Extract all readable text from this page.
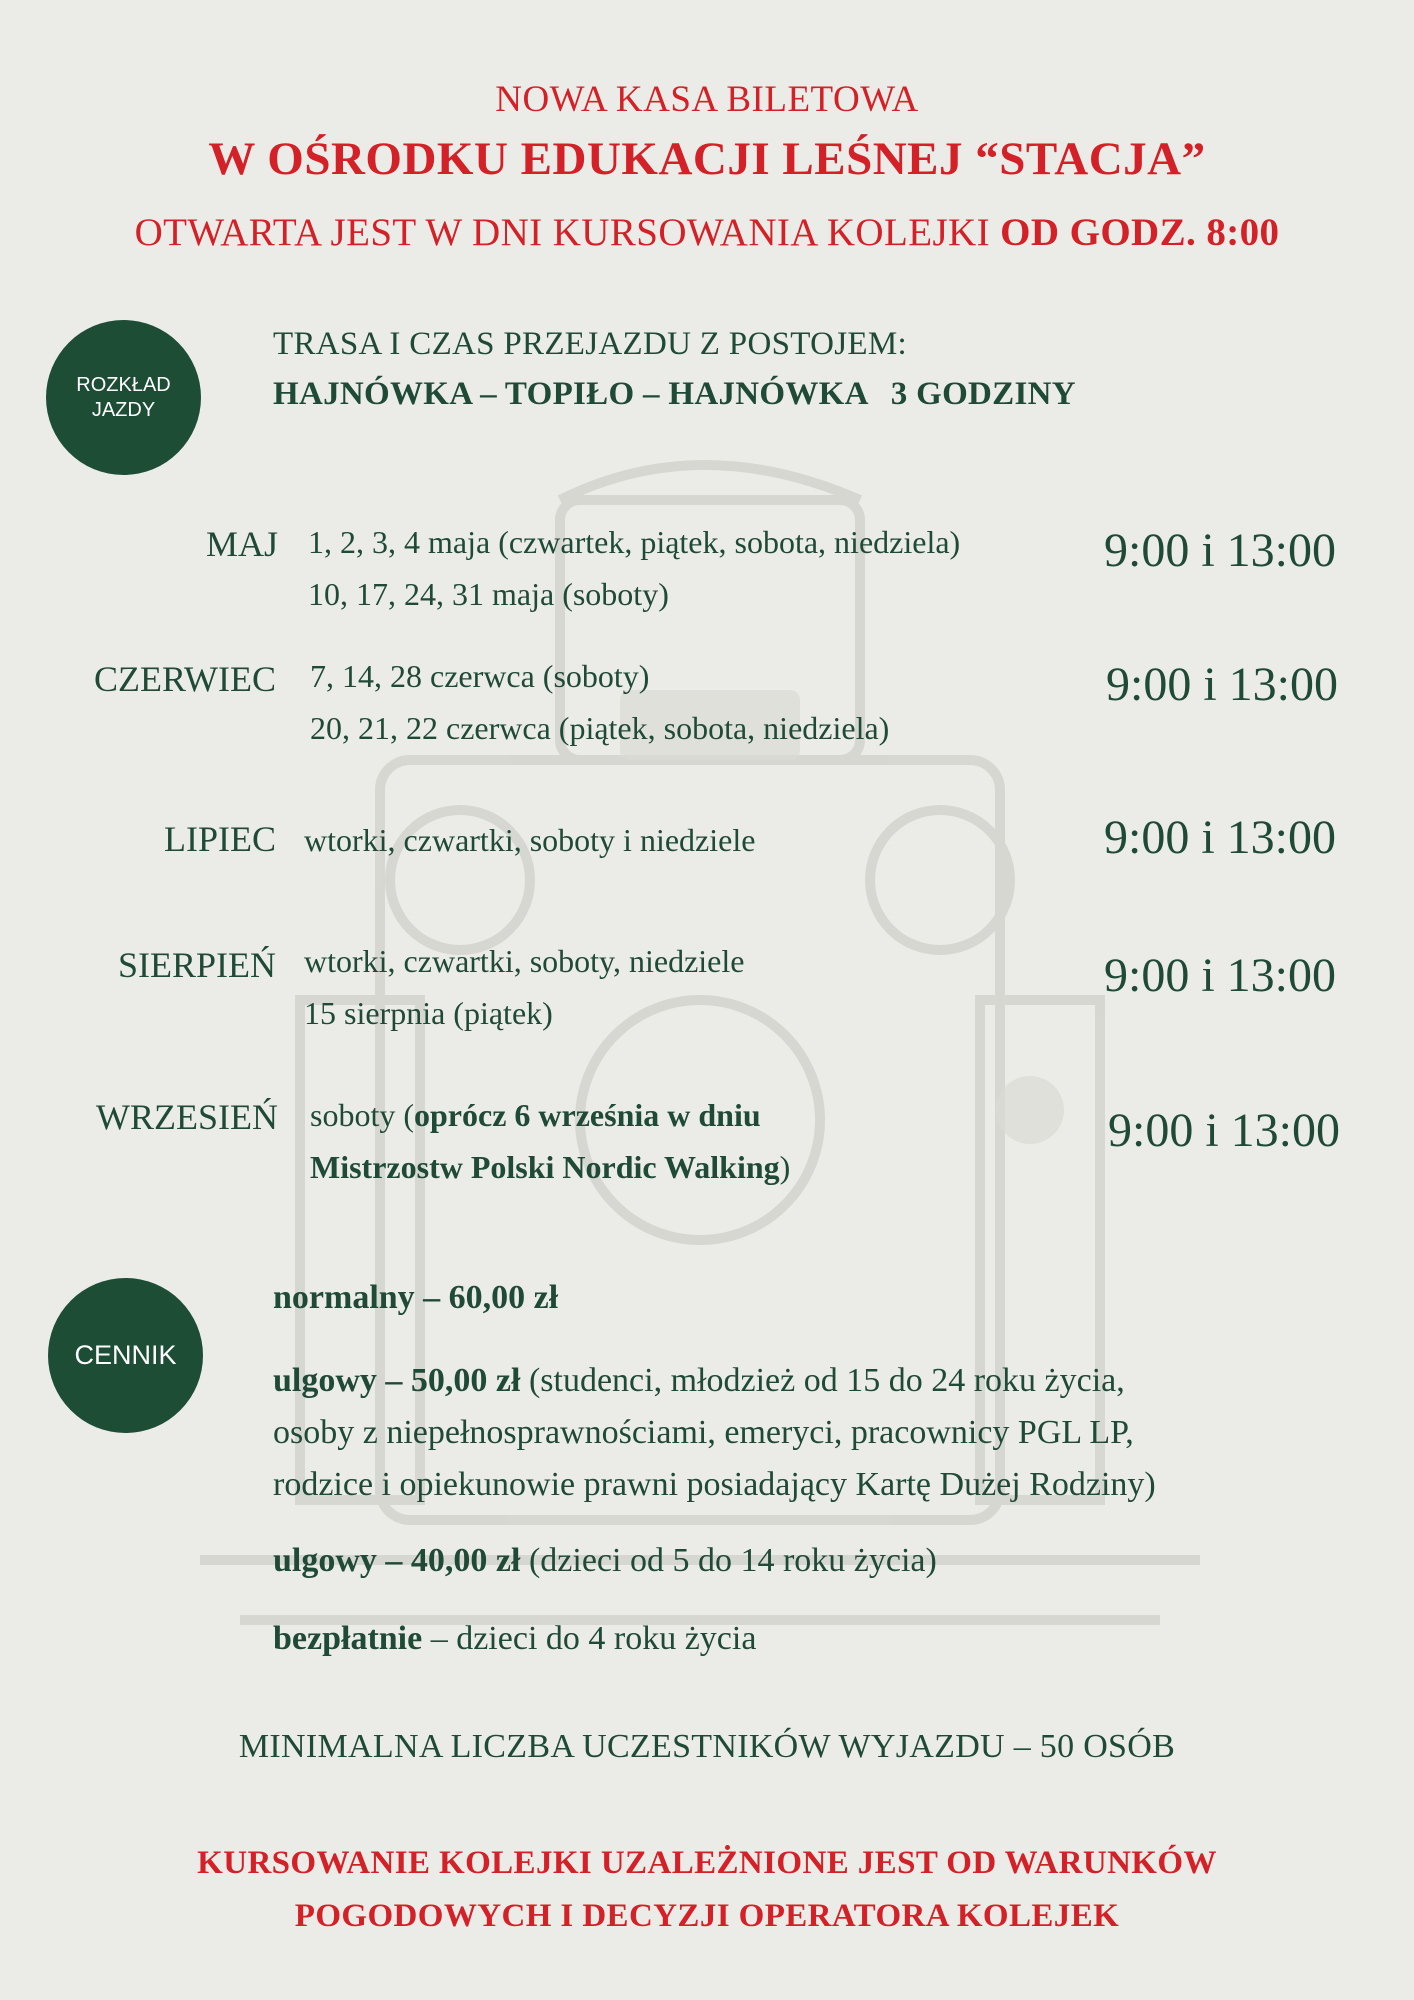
NOWA KASA BILETOWA
W OŚRODKU EDUKACJI LEŚNEJ “STACJA”
OTWARTA JEST W DNI KURSOWANIA KOLEJKI OD GODZ. 8:00
ROZKŁAD
JAZDY
TRASA I CZAS PRZEJAZDU Z POSTOJEM:
HAJNÓWKA – TOPIŁO – HAJNÓWKA 3 GODZINY
MAJ 1, 2, 3, 4 maja (czwartek, piątek, sobota, niedziela)
10, 17, 24, 31 maja (soboty)
9:00 i 13:00
CZERWIEC 7, 14, 28 czerwca (soboty)
20, 21, 22 czerwca (piątek, sobota, niedziela)
9:00 i 13:00
LIPIEC wtorki, czwartki, soboty i niedziele	9:00 i 13:00
SIERPIEŃ wtorki, czwartki, soboty, niedziele
15 sierpnia (piątek)
9:00 i 13:00
WRZESIEŃ soboty (oprócz 6 września w dniu
Mistrzostw Polski Nordic Walking)
9:00 i 13:00
CENNIK
normalny – 60,00 zł
ulgowy – 50,00 zł (studenci, młodzież od 15 do 24 roku życia,
osoby z niepełnosprawnościami, emeryci, pracownicy PGL LP,
rodzice i opiekunowie prawni posiadający Kartę Dużej Rodziny)
ulgowy – 40,00 zł (dzieci od 5 do 14 roku życia)
bezpłatnie – dzieci do 4 roku życia
MINIMALNA LICZBA UCZESTNIKÓW WYJAZDU – 50 OSÓB
KURSOWANIE KOLEJKI UZALEŻNIONE JEST OD WARUNKÓW
POGODOWYCH I DECYZJI OPERATORA KOLEJEK
